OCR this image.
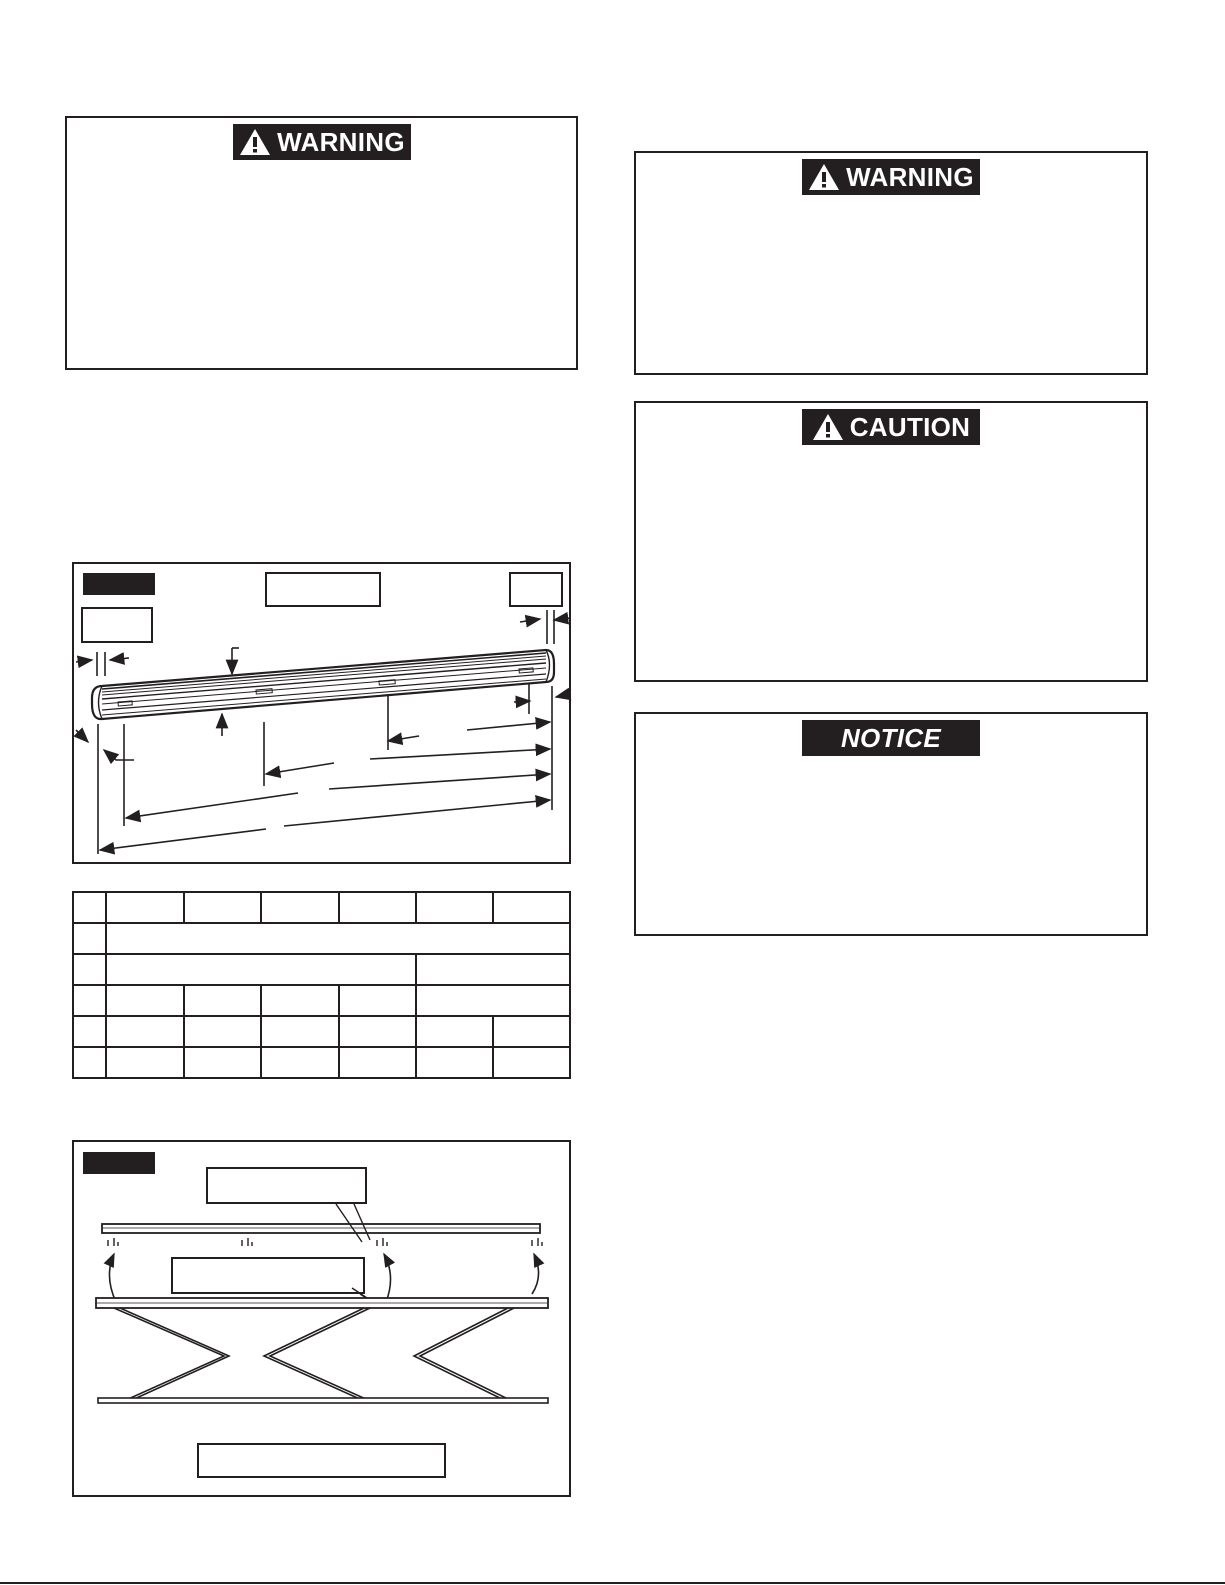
WARNING
WARNING
CAUTION
NOTICE
